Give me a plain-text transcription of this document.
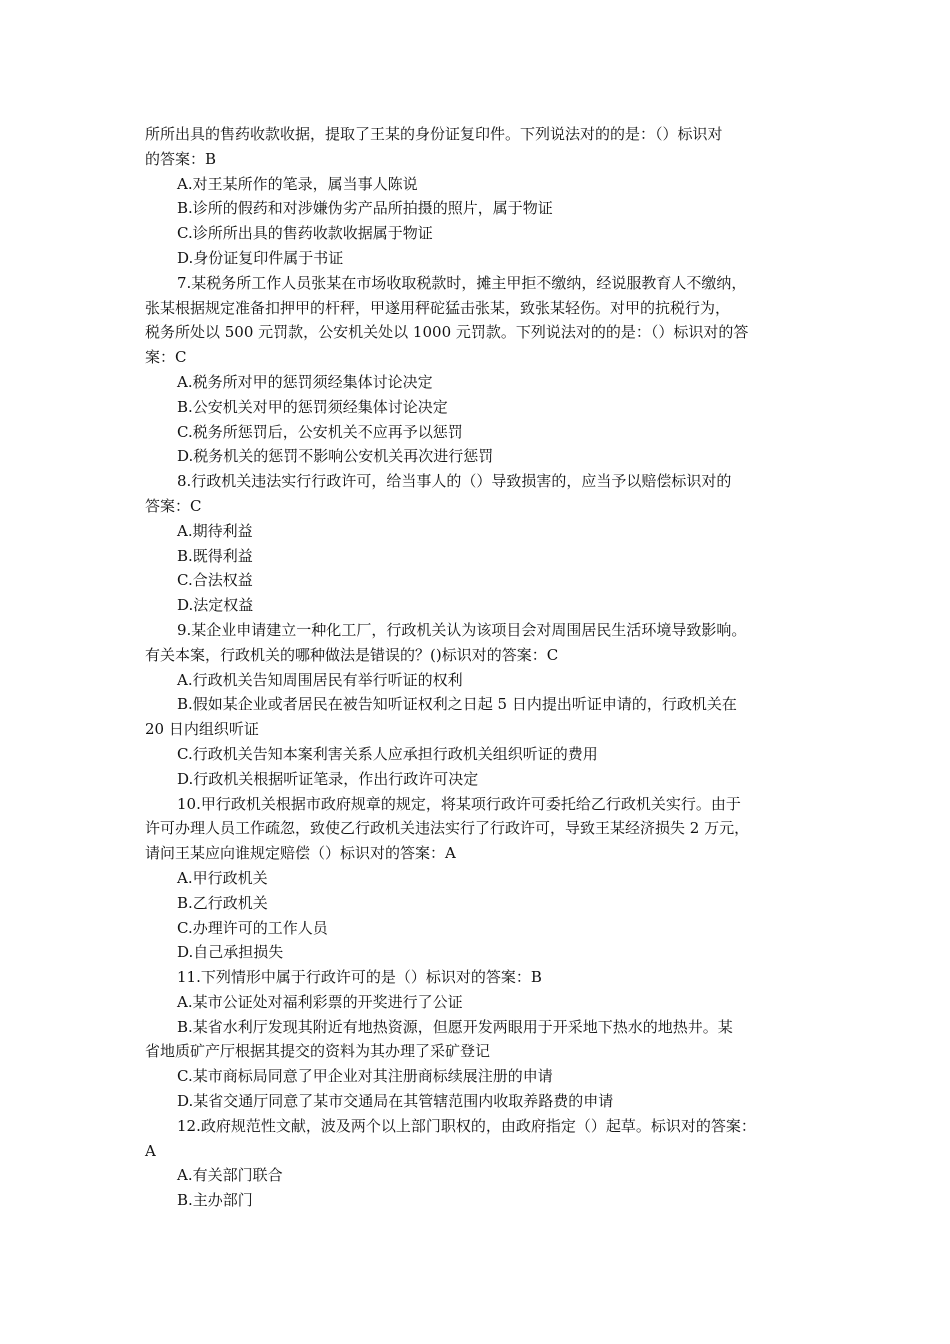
所所出具的售药收款收据，提取了王某的身份证复印件。下列说法对的的是：（）标识对

的答案：B

A.对王某所作的笔录，属当事人陈说

B.诊所的假药和对涉嫌伪劣产品所拍摄的照片，属于物证

C.诊所所出具的售药收款收据属于物证

D.身份证复印件属于书证

7.某税务所工作人员张某在市场收取税款时，摊主甲拒不缴纳，经说服教育人不缴纳，

张某根据规定准备扣押甲的杆秤，甲遂用秤砣猛击张某，致张某轻伤。对甲的抗税行为，

税务所处以 500 元罚款，公安机关处以 1000 元罚款。下列说法对的的是：（）标识对的答

案：C

A.税务所对甲的惩罚须经集体讨论决定

B.公安机关对甲的惩罚须经集体讨论决定

C.税务所惩罚后，公安机关不应再予以惩罚

D.税务机关的惩罚不影响公安机关再次进行惩罚

8.行政机关违法实行行政许可，给当事人的（）导致损害的，应当予以赔偿标识对的

答案：C

A.期待利益

B.既得利益

C.合法权益

D.法定权益

9.某企业申请建立一种化工厂，行政机关认为该项目会对周围居民生活环境导致影响。

有关本案，行政机关的哪种做法是错误的？()标识对的答案：C

A.行政机关告知周围居民有举行听证的权利

B.假如某企业或者居民在被告知听证权利之日起 5 日内提出听证申请的，行政机关在

20 日内组织听证

C.行政机关告知本案利害关系人应承担行政机关组织听证的费用

D.行政机关根据听证笔录，作出行政许可决定

10.甲行政机关根据市政府规章的规定，将某项行政许可委托给乙行政机关实行。由于

许可办理人员工作疏忽，致使乙行政机关违法实行了行政许可，导致王某经济损失 2 万元，

请问王某应向谁规定赔偿（）标识对的答案：A

A.甲行政机关

B.乙行政机关

C.办理许可的工作人员

D.自己承担损失

11.下列情形中属于行政许可的是（）标识对的答案：B

A.某市公证处对福利彩票的开奖进行了公证

B.某省水利厅发现其附近有地热资源，但愿开发两眼用于开采地下热水的地热井。某

省地质矿产厅根据其提交的资料为其办理了采矿登记

C.某市商标局同意了甲企业对其注册商标续展注册的申请

D.某省交通厅同意了某市交通局在其管辖范围内收取养路费的申请

12.政府规范性文献，波及两个以上部门职权的，由政府指定（）起草。标识对的答案：

A

A.有关部门联合

B.主办部门
